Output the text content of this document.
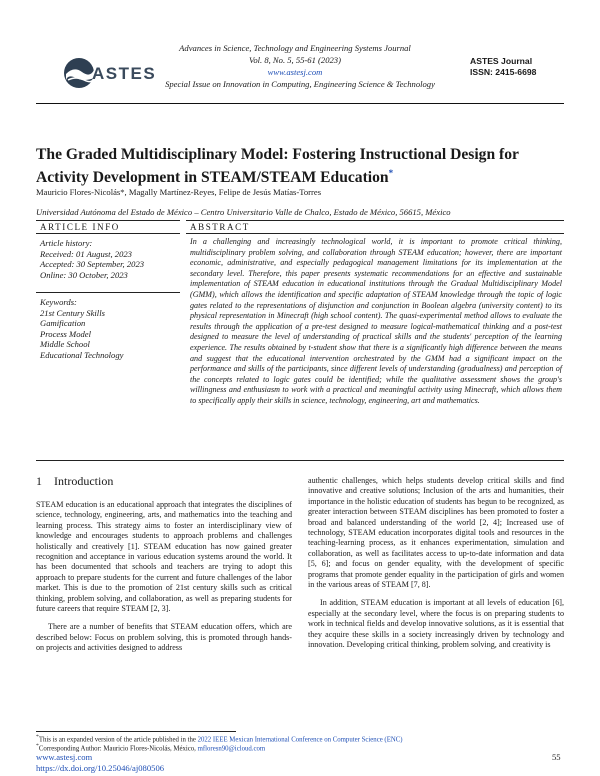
ASTES
Advances in Science, Technology and Engineering Systems Journal
Vol. 8, No. 5, 55-61 (2023)
www.astesj.com
Special Issue on Innovation in Computing, Engineering Science & Technology
ASTES Journal
ISSN: 2415-6698
The Graded Multidisciplinary Model: Fostering Instructional Design for Activity Development in STEAM/STEAM Education*
Mauricio Flores-Nicolás*, Magally Martínez-Reyes, Felipe de Jesús Matías-Torres
Universidad Autónoma del Estado de México – Centro Universitario Valle de Chalco, Estado de México, 56615, México
ARTICLE INFO	ABSTRACT
Article history:
Received: 01 August, 2023
Accepted: 30 September, 2023
Online: 30 October, 2023
Keywords:
21st Century Skills
Gamification
Process Model
Middle School
Educational Technology
In a challenging and increasingly technological world, it is important to promote critical thinking, multidisciplinary problem solving, and collaboration through STEAM education; however, there are important economic, administrative, and especially pedagogical management limitations for its implementation at the secondary level. Therefore, this paper presents systematic recommendations for an effective and sustainable implementation of STEAM education in educational institutions through the Gradual Multidisciplinary Model (GMM), which allows the identification and specific adaptation of STEAM knowledge through the topic of logic gates related to the representations of disjunction and conjunction in Boolean algebra (university content) to its physical representation in Minecraft (high school content). The quasi-experimental method allows to evaluate the results through the application of a pre-test designed to measure logical-mathematical thinking and a post-test designed to measure the level of understanding of practical skills and the students' perception of the learning experience. The results obtained by t-student show that there is a significantly high difference between the means and suggest that the educational intervention orchestrated by the GMM had a significant impact on the performance and skills of the participants, since different levels of understanding (gradualness) and perception of the concepts related to logic gates could be identified; while the qualitative assessment shows the group's willingness and enthusiasm to work with a practical and meaningful activity using Minecraft, which allows them to specifically apply their skills in science, technology, engineering, art and mathematics.
1 Introduction

STEAM education is an educational approach that integrates the disciplines of science, technology, engineering, arts, and mathematics into the teaching and learning process. This strategy aims to foster an interdisciplinary view of knowledge and encourages students to approach problems and challenges holistically and creatively [1]. STEAM education has now gained greater recognition and acceptance in various education systems around the world. It has been documented that schools and teachers are trying to adopt this approach to prepare students for the current and future challenges of the labor market. This is due to the promotion of 21st century skills such as critical thinking, problem solving, and collaboration, as well as preparing students for future careers that require STEAM [2, 3].

There are a number of benefits that STEAM education offers, which are described below: Focus on problem solving, this is promoted through hands-on projects and activities designed to address

authentic challenges, which helps students develop critical skills and find innovative and creative solutions; Inclusion of the arts and humanities, their importance in the holistic education of students has begun to be recognized, as greater interaction between STEAM disciplines has been promoted to foster a broad and balanced understanding of the world [2, 4]; Increased use of technology, STEAM education incorporates digital tools and resources in the teaching-learning process, as it enhances experimentation, simulation and collaboration, as well as facilitates access to up-to-date information and data [5, 6]; and focus on gender equality, with the development of specific programs that promote gender equality in the participation of girls and women in the various areas of STEAM [7, 8].

In addition, STEAM education is important at all levels of education [6], especially at the secondary level, where the focus is on preparing students to work in technical fields and develop innovative solutions, as it is essential that they acquire these skills in a society increasingly driven by technology and innovation. Developing critical thinking, problem solving, and creativity is

*This is an expanded version of the article published in the 2022 IEEE Mexican International Conference on Computer Science (ENC)
*Corresponding Author: Mauricio Flores-Nicolás, México, mfloresn90@icloud.com
www.astesj.com
https://dx.doi.org/10.25046/aj080506
55
